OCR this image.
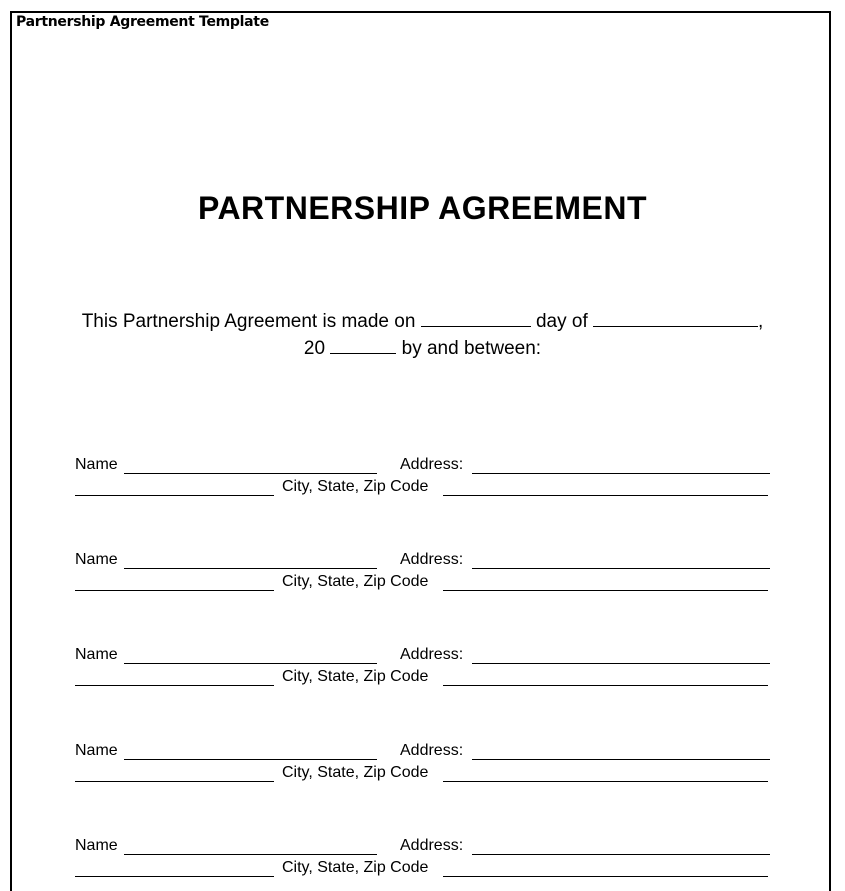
Partnership Agreement Template
PARTNERSHIP AGREEMENT
This Partnership Agreement is made on	day of	,
20	by and between:
Name	Address:
City, State, Zip Code
Name	Address:
City, State, Zip Code
Name	Address:
City, State, Zip Code
Name	Address:
City, State, Zip Code
Name	Address:
City, State, Zip Code
